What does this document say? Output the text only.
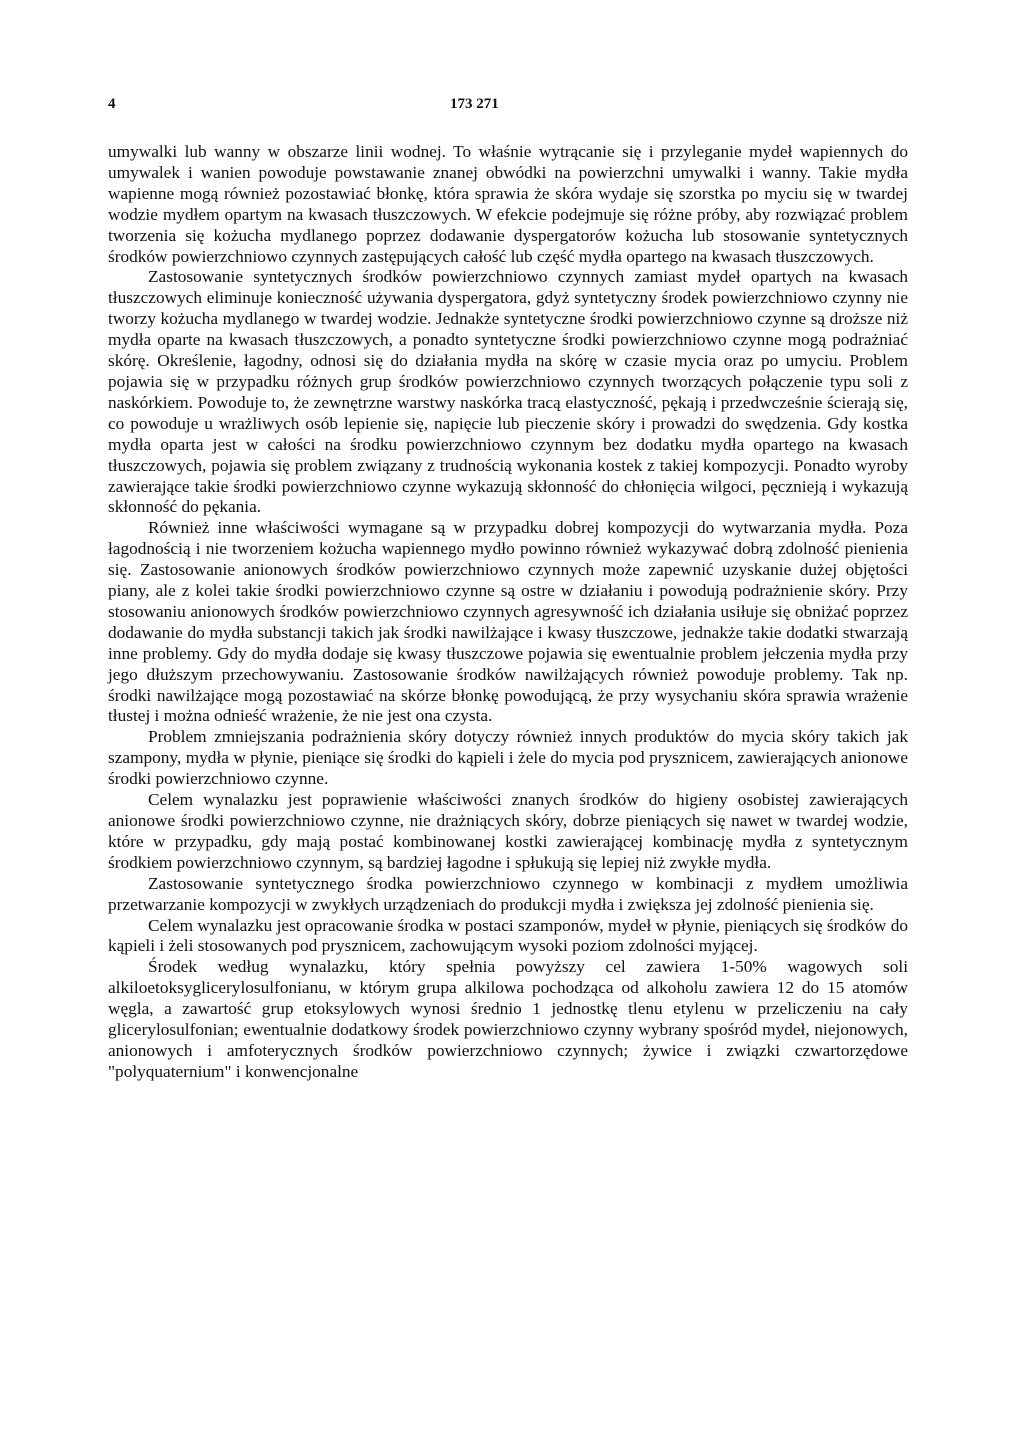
4	173 271

umywalki lub wanny w obszarze linii wodnej. To właśnie wytrącanie się i przyleganie mydeł wapiennych do umywalek i wanien powoduje powstawanie znanej obwódki na powierzchni umywalki i wanny. Takie mydła wapienne mogą również pozostawiać błonkę, która sprawia że skóra wydaje się szorstka po myciu się w twardej wodzie mydłem opartym na kwasach tłuszczowych. W efekcie podejmuje się różne próby, aby rozwiązać problem tworzenia się kożucha mydlanego poprzez dodawanie dyspergatorów kożucha lub stosowanie syntetycznych środków powierzchniowo czynnych zastępujących całość lub część mydła opartego na kwasach tłuszczowych.

Zastosowanie syntetycznych środków powierzchniowo czynnych zamiast mydeł opartych na kwasach tłuszczowych eliminuje konieczność używania dyspergatora, gdyż syntetyczny środek powierzchniowo czynny nie tworzy kożucha mydlanego w twardej wodzie. Jednakże syntetyczne środki powierzchniowo czynne są droższe niż mydła oparte na kwasach tłuszczowych, a ponadto syntetyczne środki powierzchniowo czynne mogą podrażniać skórę. Określenie, łagodny, odnosi się do działania mydła na skórę w czasie mycia oraz po umyciu. Problem pojawia się w przypadku różnych grup środków powierzchniowo czynnych tworzących połączenie typu soli z naskórkiem. Powoduje to, że zewnętrzne warstwy naskórka tracą elastyczność, pękają i przedwcześnie ścierają się, co powoduje u wrażliwych osób lepienie się, napięcie lub pieczenie skóry i prowadzi do swędzenia. Gdy kostka mydła oparta jest w całości na środku powierzchniowo czynnym bez dodatku mydła opartego na kwasach tłuszczowych, pojawia się problem związany z trudnością wykonania kostek z takiej kompozycji. Ponadto wyroby zawierające takie środki powierzchniowo czynne wykazują skłonność do chłonięcia wilgoci, pęcznieją i wykazują skłonność do pękania.

Również inne właściwości wymagane są w przypadku dobrej kompozycji do wytwarzania mydła. Poza łagodnością i nie tworzeniem kożucha wapiennego mydło powinno również wykazywać dobrą zdolność pienienia się. Zastosowanie anionowych środków powierzchniowo czynnych może zapewnić uzyskanie dużej objętości piany, ale z kolei takie środki powierzchniowo czynne są ostre w działaniu i powodują podrażnienie skóry. Przy stosowaniu anionowych środków powierzchniowo czynnych agresywność ich działania usiłuje się obniżać poprzez dodawanie do mydła substancji takich jak środki nawilżające i kwasy tłuszczowe, jednakże takie dodatki stwarzają inne problemy. Gdy do mydła dodaje się kwasy tłuszczowe pojawia się ewentualnie problem jełczenia mydła przy jego dłuższym przechowywaniu. Zastosowanie środków nawilżających również powoduje problemy. Tak np. środki nawilżające mogą pozostawiać na skórze błonkę powodującą, że przy wysychaniu skóra sprawia wrażenie tłustej i można odnieść wrażenie, że nie jest ona czysta.

Problem zmniejszania podrażnienia skóry dotyczy również innych produktów do mycia skóry takich jak szampony, mydła w płynie, pieniące się środki do kąpieli i żele do mycia pod prysznicem, zawierających anionowe środki powierzchniowo czynne.

Celem wynalazku jest poprawienie właściwości znanych środków do higieny osobistej zawierających anionowe środki powierzchniowo czynne, nie drażniących skóry, dobrze pieniących się nawet w twardej wodzie, które w przypadku, gdy mają postać kombinowanej kostki zawierającej kombinację mydła z syntetycznym środkiem powierzchniowo czynnym, są bardziej łagodne i spłukują się lepiej niż zwykłe mydła.

Zastosowanie syntetycznego środka powierzchniowo czynnego w kombinacji z mydłem umożliwia przetwarzanie kompozycji w zwykłych urządzeniach do produkcji mydła i zwiększa jej zdolność pienienia się.

Celem wynalazku jest opracowanie środka w postaci szamponów, mydeł w płynie, pieniących się środków do kąpieli i żeli stosowanych pod prysznicem, zachowującym wysoki poziom zdolności myjącej.

Środek według wynalazku, który spełnia powyższy cel zawiera 1-50% wagowych soli alkiloetoksyglicerylosulfonianu, w którym grupa alkilowa pochodząca od alkoholu zawiera 12 do 15 atomów węgla, a zawartość grup etoksylowych wynosi średnio 1 jednostkę tlenu etylenu w przeliczeniu na cały glicerylosulfonian; ewentualnie dodatkowy środek powierzchniowo czynny wybrany spośród mydeł, niejonowych, anionowych i amfoterycznych środków powierzchniowo czynnych; żywice i związki czwartorzędowe "polyquaternium" i konwencjonalne
